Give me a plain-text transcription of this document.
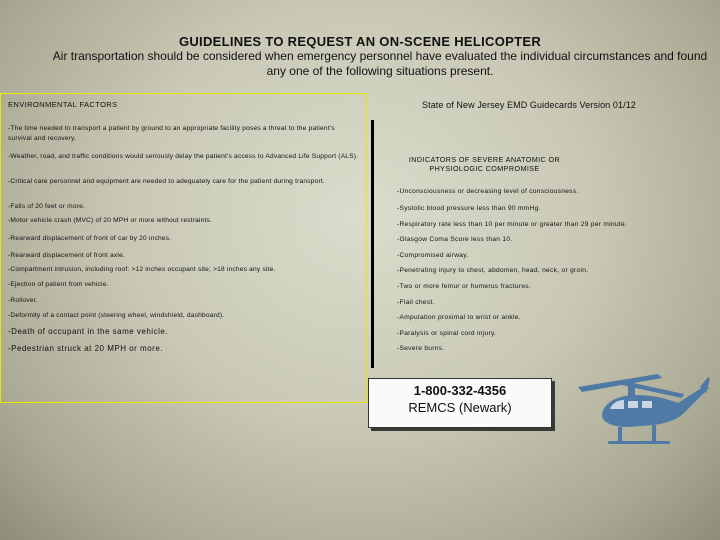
GUIDELINES TO REQUEST AN ON-SCENE HELICOPTER
Air transportation should be considered when emergency personnel have evaluated the individual circumstances and found
any one of the following situations present.
ENVIRONMENTAL FACTORS
-The time needed to transport a patient by ground to an appropriate facility poses a threat to the patient's survival and recovery.
-Weather, road, and traffic conditions would seriously delay the patient's access to Advanced Life Support (ALS).
-Critical care personnel and equipment are needed to adequately care for the patient during transport.
-Falls of 20 feet or more.
-Motor vehicle crash (MVC) of 20 MPH or more without restraints.
-Rearward displacement of front of car by 20 inches.
-Rearward displacement of front axle.
-Compartment intrusion, including roof: >12 inches occupant site; >18 inches any site.
-Ejection of patient from vehicle.
-Rollover.
-Deformity of a contact point (steering wheel, windshield, dashboard).
-Death of occupant in the same vehicle.
-Pedestrian struck at 20 MPH or more.
State of New Jersey EMD Guidecards Version 01/12
INDICATORS OF SEVERE ANATOMIC OR
PHYSIOLOGIC COMPROMISE
-Unconsciousness or decreasing level of consciousness.
-Systolic blood pressure less than 90 mmHg.
-Respiratory rate less than 10 per minute or greater than 29 per minute.
-Glasgow Coma Score less than 10.
-Compromised airway.
-Penetrating injury to chest, abdomen, head, neck, or groin.
-Two or more femur or humerus fractures.
-Flail chest.
-Amputation proximal to wrist or ankle.
-Paralysis or spinal cord injury.
-Severe burns.
1-800-332-4356
REMCS (Newark)
